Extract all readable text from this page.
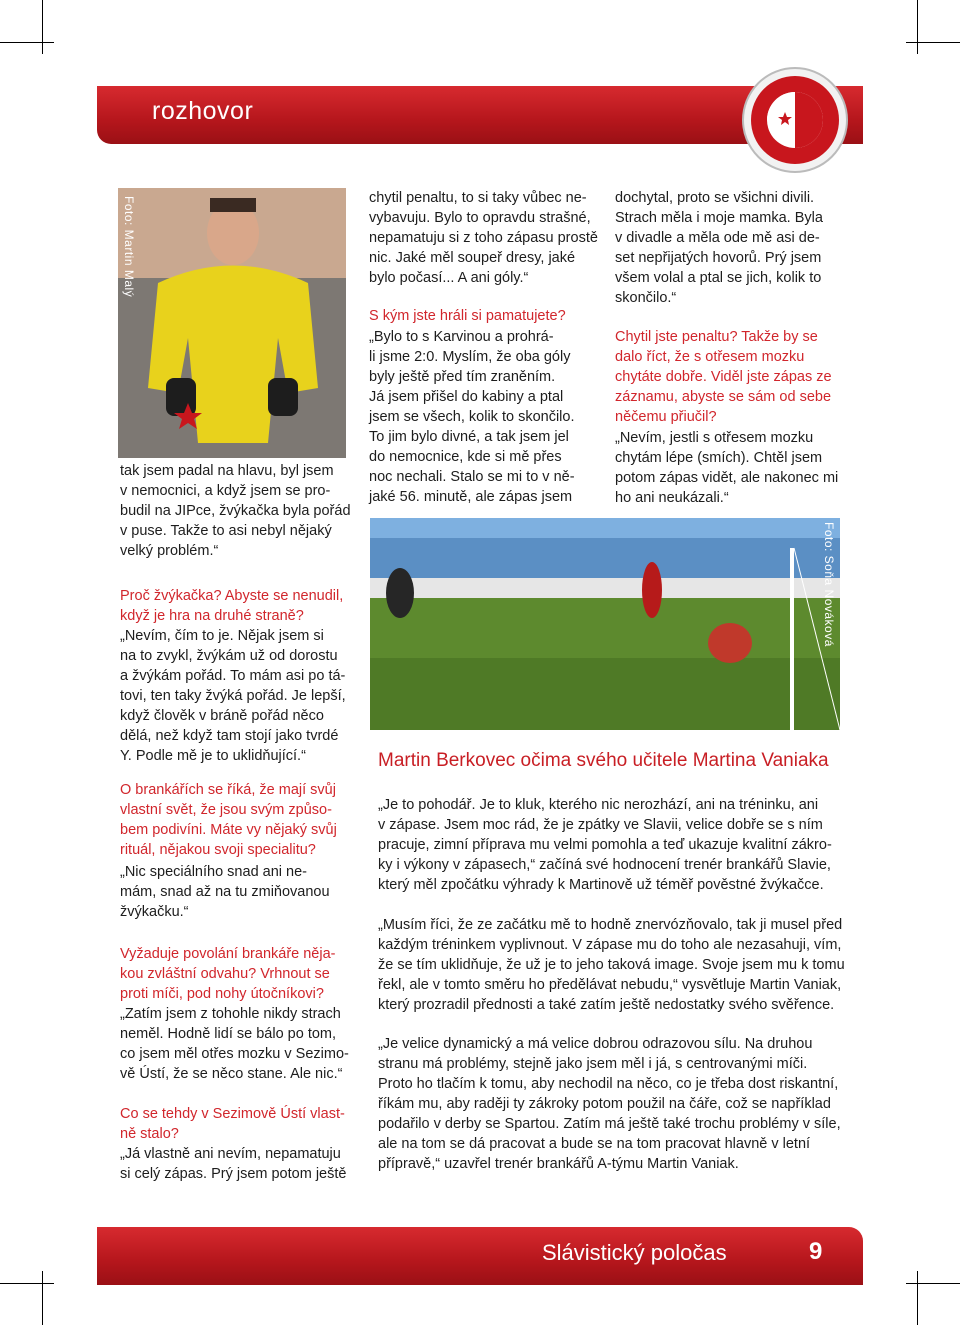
rozhovor
Foto: Martin Malý
tak jsem padal na hlavu, byl jsem
v nemocnici, a když jsem se pro-
budil na JIPce, žvýkačka byla pořád
v puse. Takže to asi nebyl nějaký
velký problém.“
Proč žvýkačka? Abyste se nenudil,
když je hra na druhé straně?
„Nevím, čím to je. Nějak jsem si
na to zvykl, žvýkám už od dorostu
a žvýkám pořád. To mám asi po tá-
tovi, ten taky žvýká pořád. Je lepší,
když člověk v bráně pořád něco
dělá, než když tam stojí jako tvrdé
Y. Podle mě je to uklidňující.“
O brankářích se říká, že mají svůj
vlastní svět, že jsou svým způso-
bem podivíni. Máte vy nějaký svůj
rituál, nějakou svoji specialitu?
„Nic speciálního snad ani ne-
mám, snad až na tu zmiňovanou
žvýkačku.“
Vyžaduje povolání brankáře něja-
kou zvláštní odvahu? Vrhnout se
proti míči, pod nohy útočníkovi?
„Zatím jsem z tohohle nikdy strach
neměl. Hodně lidí se bálo po tom,
co jsem měl otřes mozku v Sezimo-
vě Ústí, že se něco stane. Ale nic.“
Co se tehdy v Sezimově Ústí vlast-
ně stalo?
„Já vlastně ani nevím, nepamatuju
si celý zápas. Prý jsem potom ještě
chytil penaltu, to si taky vůbec ne-
vybavuju. Bylo to opravdu strašné,
nepamatuju si z toho zápasu prostě
nic. Jaké měl soupeř dresy, jaké
bylo počasí... A ani góly.“
S kým jste hráli si pamatujete?
„Bylo to s Karvinou a prohrá-
li jsme 2:0. Myslím, že oba góly
byly ještě před tím zraněním.
Já jsem přišel do kabiny a ptal
jsem se všech, kolik to skončilo.
To jim bylo divné, a tak jsem jel
do nemocnice, kde si mě přes
noc nechali. Stalo se mi to v ně-
jaké 56. minutě, ale zápas jsem
dochytal, proto se všichni divili.
Strach měla i moje mamka. Byla
v divadle a měla ode mě asi de-
set nepřijatých hovorů. Prý jsem
všem volal a ptal se jich, kolik to
skončilo.“
Chytil jste penaltu? Takže by se
dalo říct, že s otřesem mozku
chytáte dobře. Viděl jste zápas ze
záznamu, abyste se sám od sebe
něčemu přiučil?
„Nevím, jestli s otřesem mozku
chytám lépe (smích). Chtěl jsem
potom zápas vidět, ale nakonec mi
ho ani neukázali.“
Foto: Soňa Nováková
Martin Berkovec očima svého učitele Martina Vaniaka
„Je to pohodář. Je to kluk, kterého nic nerozhází, ani na tréninku, ani
v zápase. Jsem moc rád, že je zpátky ve Slavii, velice dobře se s ním
pracuje, zimní příprava mu velmi pomohla a teď ukazuje kvalitní zákro-
ky i výkony v zápasech,“ začíná své hodnocení trenér brankářů Slavie,
který měl zpočátku výhrady k Martinově už téměř pověstné žvýkačce.
„Musím říci, že ze začátku mě to hodně znervózňovalo, tak ji musel před
každým tréninkem vyplivnout. V zápase mu do toho ale nezasahuji, vím,
že se tím uklidňuje, že už je to jeho taková image. Svoje jsem mu k tomu
řekl, ale v tomto směru ho předělávat nebudu,“ vysvětluje Martin Vaniak,
který prozradil přednosti a také zatím ještě nedostatky svého svěřence.
„Je velice dynamický a má velice dobrou odrazovou sílu. Na druhou
stranu má problémy, stejně jako jsem měl i já, s centrovanými míči.
Proto ho tlačím k tomu, aby nechodil na něco, co je třeba dost riskantní,
říkám mu, aby raději ty zákroky potom použil na čáře, což se například
podařilo v derby se Spartou. Zatím má ještě také trochu problémy v síle,
ale na tom se dá pracovat a bude se na tom pracovat hlavně v letní
přípravě,“ uzavřel trenér brankářů A-týmu Martin Vaniak.
Slávistický poločas	9
